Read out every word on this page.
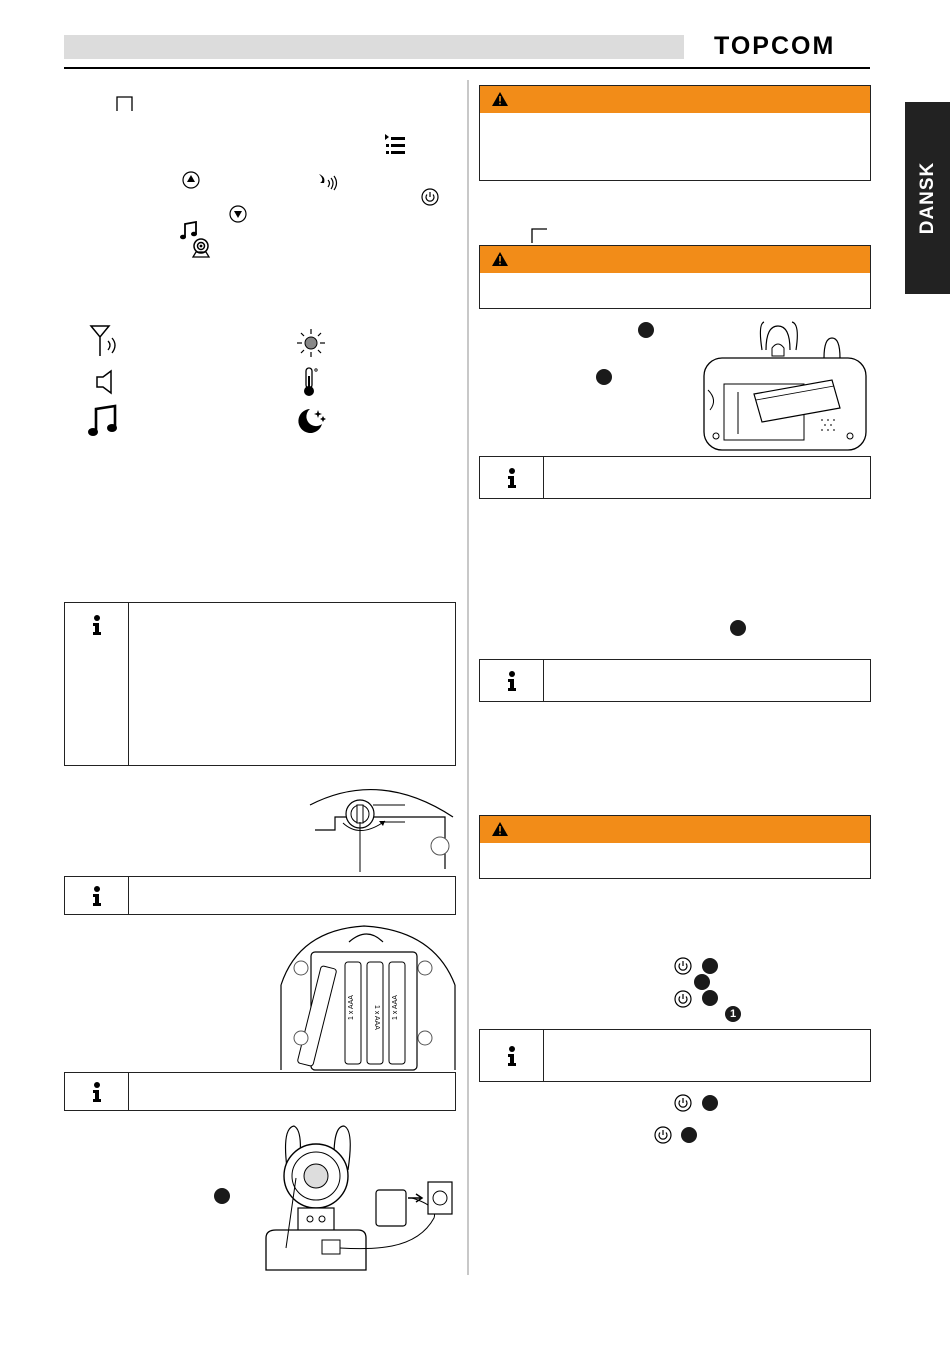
TOPCOM
DANSK
1 x AAA	1 x AAA 1 x AAA	1
